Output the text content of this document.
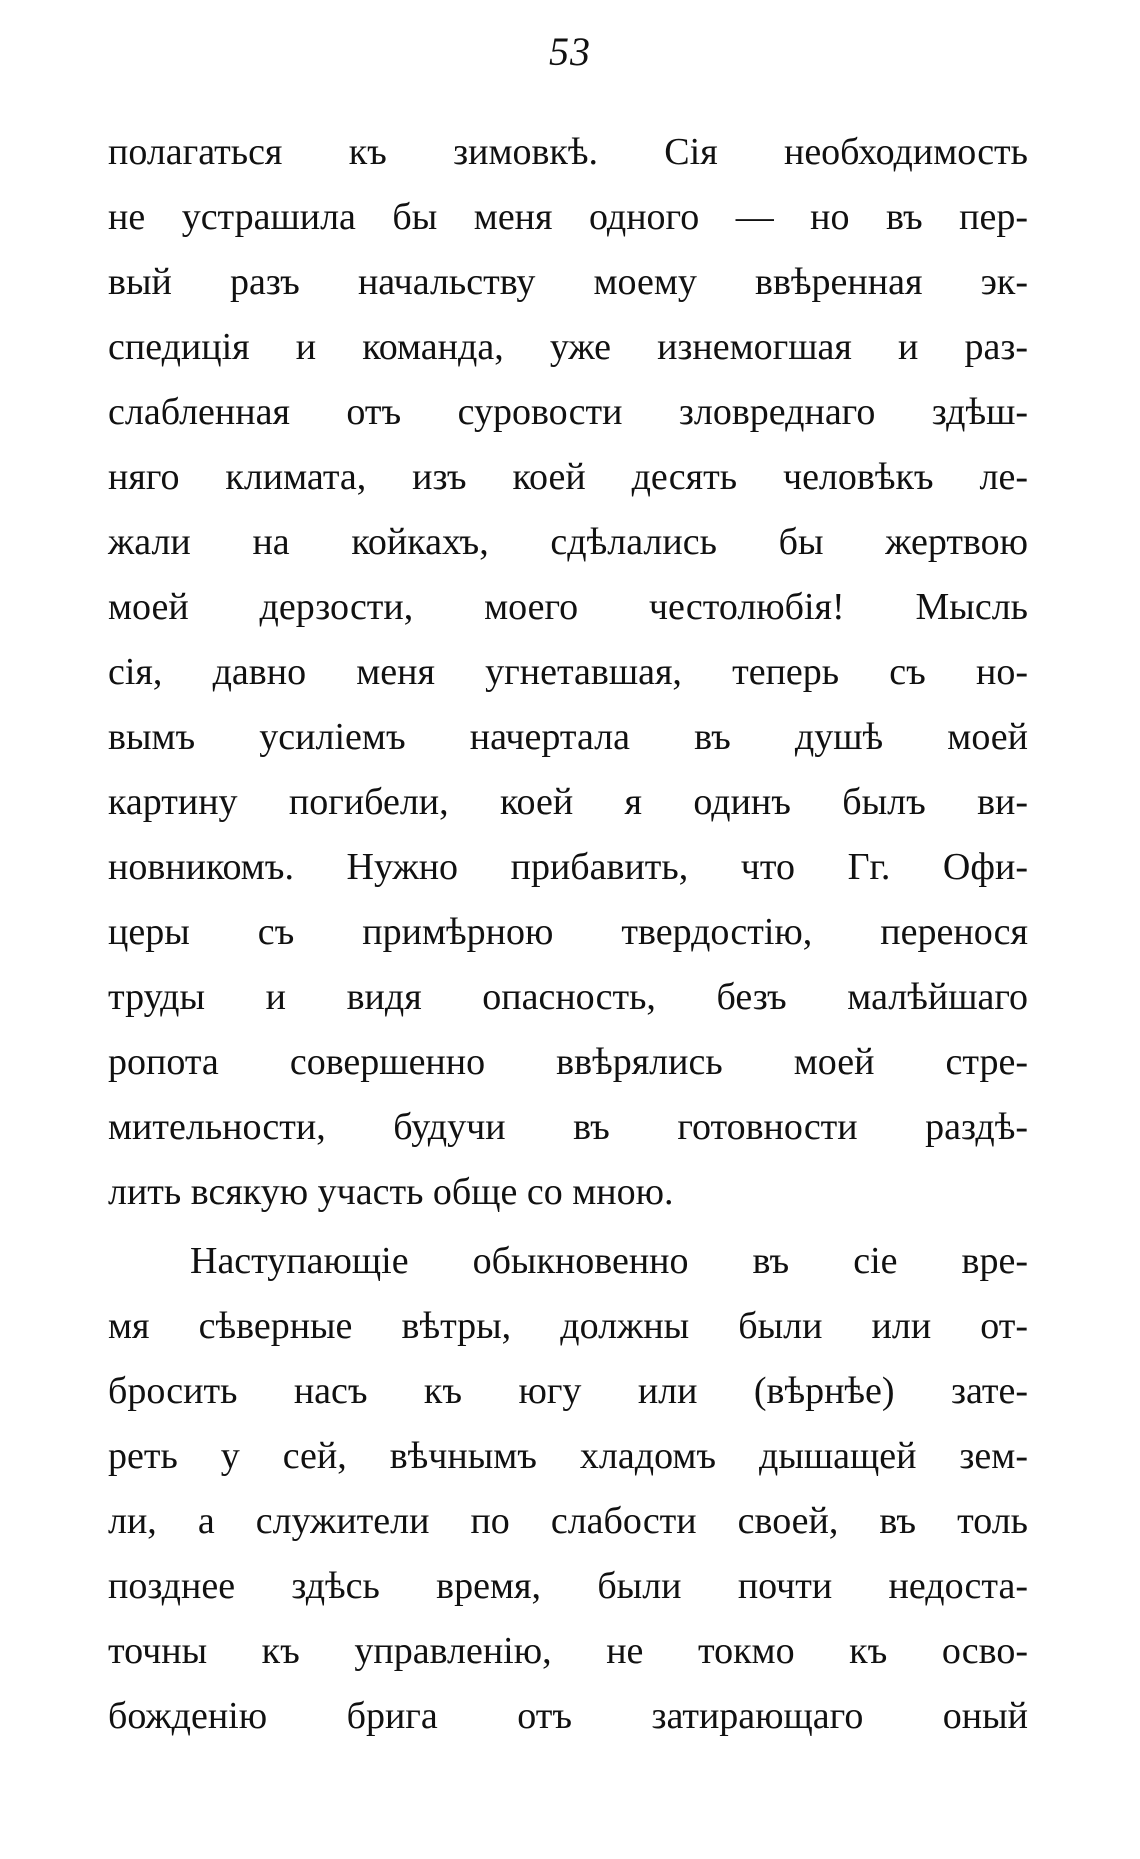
53
полагаться къ зимовкѣ. Сія необходимость
не устрашила бы меня одного — но въ пер-
вый разъ начальству моему ввѣренная эк-
спедиція и команда, уже изнемогшая и раз-
слабленная отъ суровости зловреднаго здѣш-
няго климата, изъ коей десять человѣкъ ле-
жали на койкахъ, сдѣлались бы жертвою
моей дерзости, моего честолюбія! Мысль
сія, давно меня угнетавшая, теперь съ но-
вымъ усиліемъ начертала въ душѣ моей
картину погибели, коей я одинъ былъ ви-
новникомъ. Нужно прибавить, что Гг. Офи-
церы съ примѣрною твердостію, перенося
труды и видя опасность, безъ малѣйшаго
ропота совершенно ввѣрялись моей стре-
мительности, будучи въ готовности раздѣ-
лить всякую участь обще со мною.
Наступающіе обыкновенно въ сіе вре-
мя сѣверные вѣтры, должны были или от-
бросить насъ къ югу или (вѣрнѣе) зате-
реть у сей, вѣчнымъ хладомъ дышащей зем-
ли, а служители по слабости своей, въ толь
позднее здѣсь время, были почти недоста-
точны къ управленію, не токмо къ осво-
божденію брига отъ затирающаго оный
